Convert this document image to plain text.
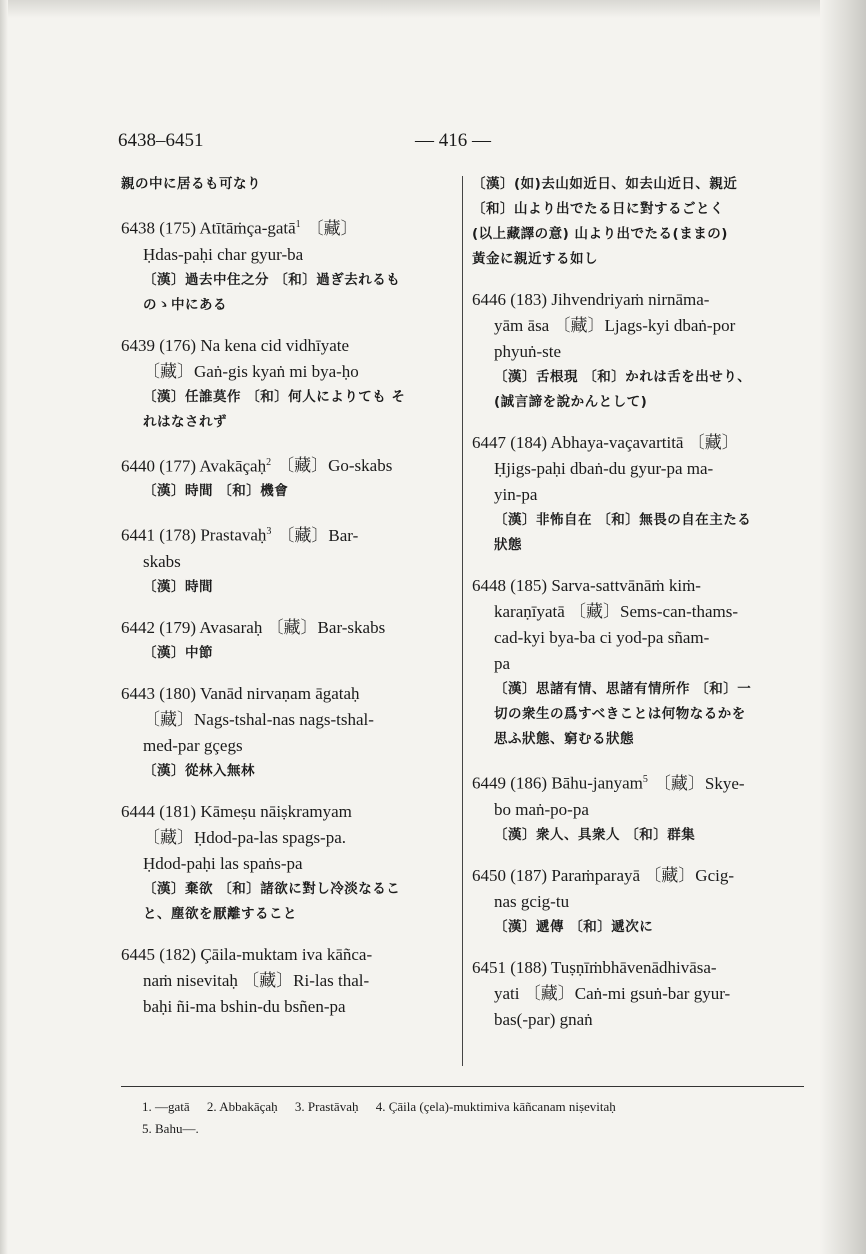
6438–6451	— 416 —
親の中に居るも可なり
6438 (175) Atītāṁça-gatā$^1$ 〔藏〕
Ḥdas-paḥi char gyur-ba
〔漢〕過去中住之分 〔和〕過ぎ去れるも
のゝ中にある
6439 (176) Na kena cid vidhīyate
〔藏〕Gaṅ-gis kyaṅ mi bya-ḥo
〔漢〕任誰莫作 〔和〕何人によりても そ
れはなされず
6440 (177) Avakāçaḥ$^2$ 〔藏〕Go-skabs
〔漢〕時間 〔和〕機會
6441 (178) Prastavaḥ$^3$ 〔藏〕Bar-
skabs
〔漢〕時間
6442 (179) Avasaraḥ 〔藏〕Bar-skabs
〔漢〕中節
6443 (180) Vanād nirvaṇam āgataḥ
〔藏〕Nags-tshal-nas nags-tshal-
med-par gçegs
〔漢〕從林入無林
6444 (181) Kāmeṣu nāiṣkramyam
〔藏〕Ḥdod-pa-las spags-pa.
Ḥdod-paḥi las spaṅs-pa
〔漢〕棄欲 〔和〕諸欲に對し冷淡なるこ
と、塵欲を厭離すること
6445 (182) Çāila-muktam iva kāñca-
naṁ nisevitaḥ 〔藏〕Ri-las thal-
baḥi ñi-ma bshin-du bsñen-pa
〔漢〕(如)去山如近日、如去山近日、親近
〔和〕山より出でたる日に對するごとく
(以上藏譯の意) 山より出でたる(ままの)
黃金に親近する如し
6446 (183) Jihvendriyaṁ nirnāma-
yām āsa 〔藏〕Ljags-kyi dbaṅ-por
phyuṅ-ste
〔漢〕舌根現 〔和〕かれは舌を出せり、
(誠言諦を說かんとして)
6447 (184) Abhaya-vaçavartitā 〔藏〕
Ḥjigs-paḥi dbaṅ-du gyur-pa ma-
yin-pa
〔漢〕非怖自在 〔和〕無畏の自在主たる
狀態
6448 (185) Sarva-sattvānāṁ kiṁ-
karaṇīyatā 〔藏〕Sems-can-thams-
cad-kyi bya-ba ci yod-pa sñam-
pa
〔漢〕思諸有情、思諸有情所作 〔和〕一
切の衆生の爲すべきことは何物なるかを
思ふ狀態、窮むる狀態
6449 (186) Bāhu-janyam$^5$ 〔藏〕Skye-
bo maṅ-po-pa
〔漢〕衆人、具衆人 〔和〕群集
6450 (187) Paraṁparayā 〔藏〕Gcig-
nas gcig-tu
〔漢〕遞傳 〔和〕遞次に
6451 (188) Tuṣṇīṁbhāvenādhivāsa-
yati 〔藏〕Caṅ-mi gsuṅ-bar gyur-
bas(-par) gnaṅ
1. —gatā 2. Abbakāçaḥ 3. Prastāvaḥ 4. Çāila (çela)-muktimiva kāñcanam niṣevitaḥ
5. Bahu—.
